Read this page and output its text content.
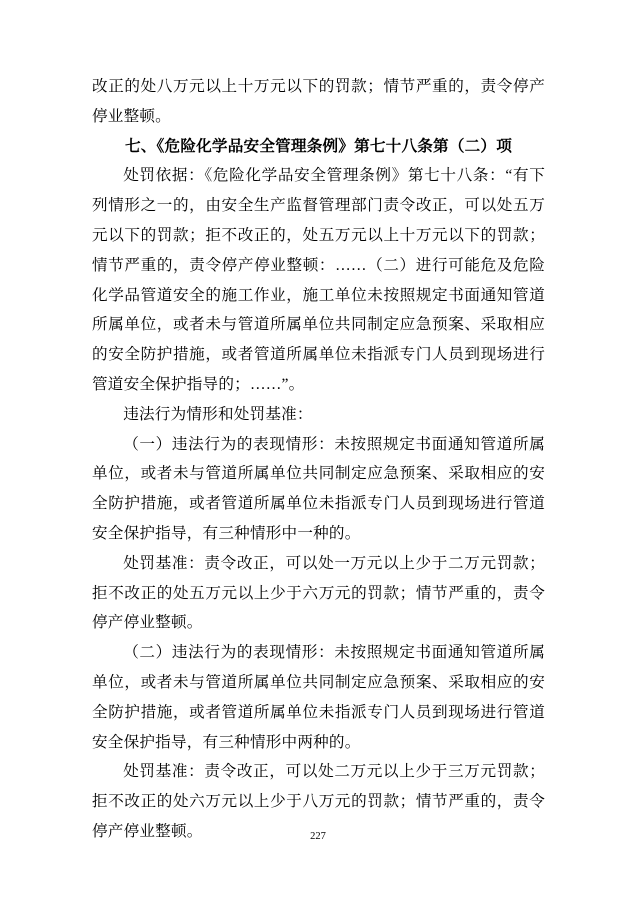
改正的处八万元以上十万元以下的罚款；情节严重的，责令停产停业整顿。

七、《危险化学品安全管理条例》第七十八条第（二）项

处罚依据：《危险化学品安全管理条例》第七十八条：“有下列情形之一的，由安全生产监督管理部门责令改正，可以处五万元以下的罚款；拒不改正的，处五万元以上十万元以下的罚款；情节严重的，责令停产停业整顿：……（二）进行可能危及危险化学品管道安全的施工作业，施工单位未按照规定书面通知管道所属单位，或者未与管道所属单位共同制定应急预案、采取相应的安全防护措施，或者管道所属单位未指派专门人员到现场进行管道安全保护指导的；……”。

违法行为情形和处罚基准：

（一）违法行为的表现情形：未按照规定书面通知管道所属单位，或者未与管道所属单位共同制定应急预案、采取相应的安全防护措施，或者管道所属单位未指派专门人员到现场进行管道安全保护指导，有三种情形中一种的。

处罚基准：责令改正，可以处一万元以上少于二万元罚款；拒不改正的处五万元以上少于六万元的罚款；情节严重的，责令停产停业整顿。

（二）违法行为的表现情形：未按照规定书面通知管道所属单位，或者未与管道所属单位共同制定应急预案、采取相应的安全防护措施，或者管道所属单位未指派专门人员到现场进行管道安全保护指导，有三种情形中两种的。

处罚基准：责令改正，可以处二万元以上少于三万元罚款；拒不改正的处六万元以上少于八万元的罚款；情节严重的，责令停产停业整顿。	227
